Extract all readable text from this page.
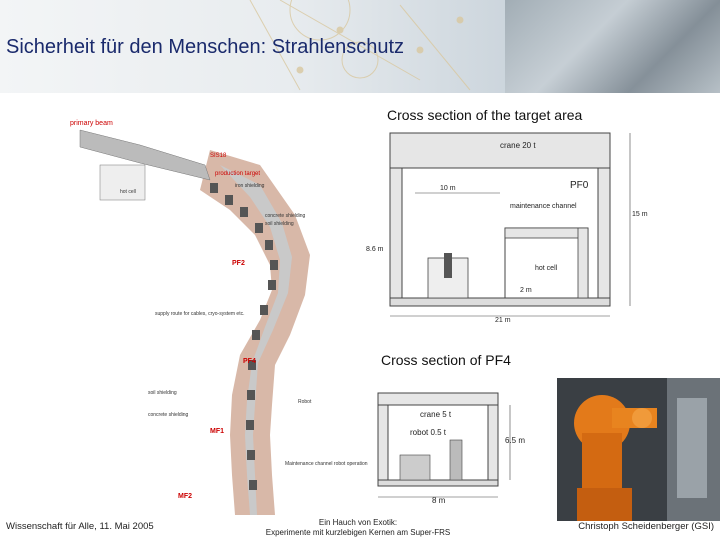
Sicherheit für den Menschen: Strahlenschutz
primary beam
SIS18
production target
iron shielding
hot cell
concrete shielding
soil shielding
PF2
supply route for cables, cryo-system etc.
PF4
Robot
soil shielding
concrete shielding
MF1
Maintenance channel robot operation
MF2
Cross section of the target area
crane 20 t
PF0
10 m
maintenance channel
15 m
8.6 m
hot cell
2 m
21 m
Cross section of PF4
crane 5 t
robot 0.5 t
6.5 m
8 m
Wissenschaft für Alle, 11. Mai 2005	Ein Hauch von Exotik:
Experimente mit kurzlebigen Kernen am Super-FRS
Christoph Scheidenberger (GSI)
